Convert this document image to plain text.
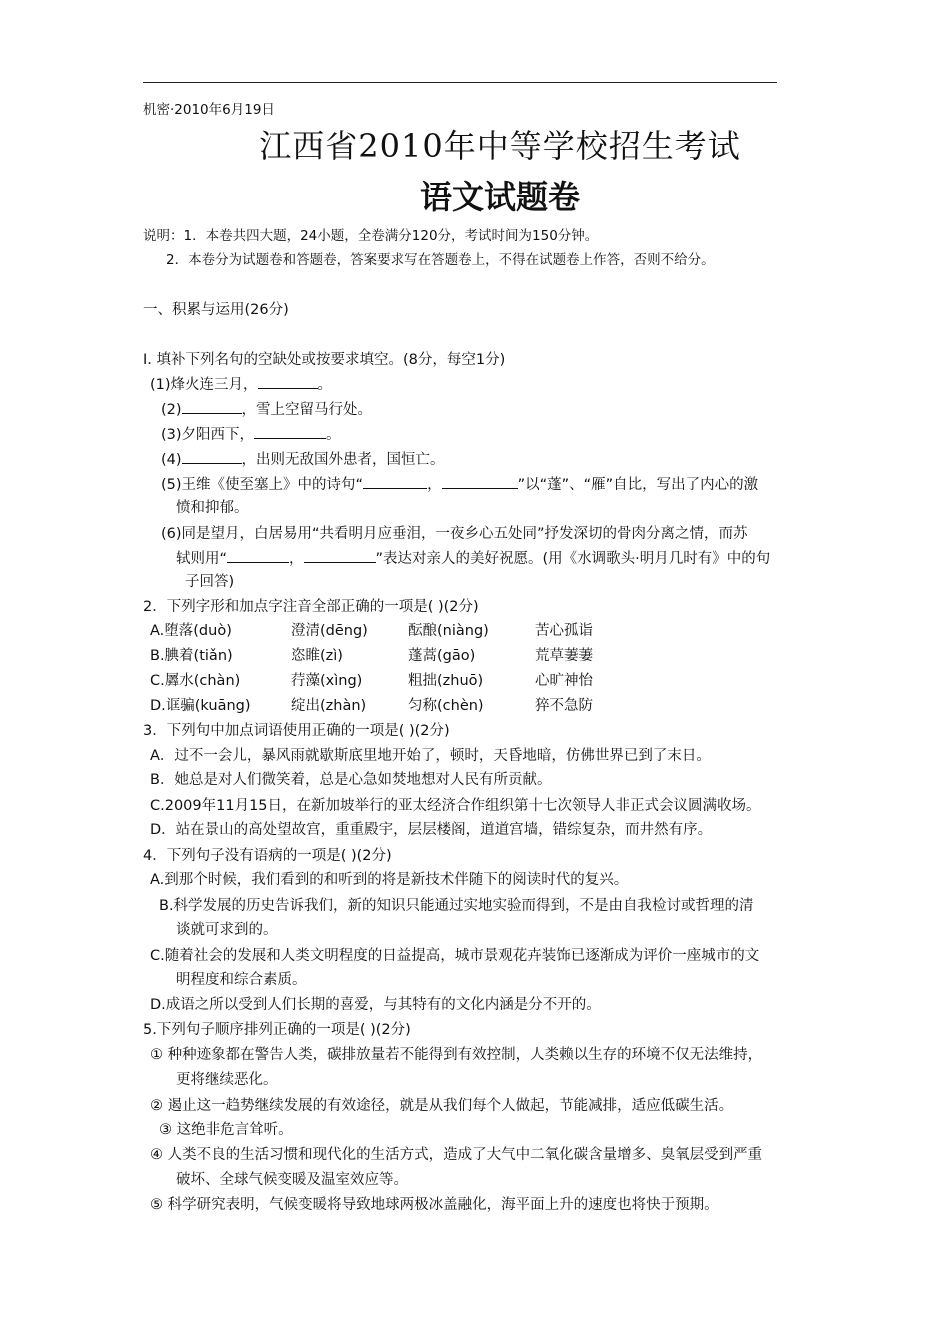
机密·2010年6月19日
江西省2010年中等学校招生考试
语文试题卷
说明：1．本卷共四大题，24小题，全卷满分120分，考试时间为150分钟。
2．本卷分为试题卷和答题卷，答案要求写在答题卷上，不得在试题卷上作答，否则不给分。
一、积累与运用(26分)
I. 填补下列名句的空缺处或按要求填空。(8分，每空1分)
(1)烽火连三月，	。
(2)	，雪上空留马行处。
(3)夕阳西下，	。
(4)	，出则无敌国外患者，国恒亡。
(5)王维《使至塞上》中的诗句“	，	”以“蓬”、“雁”自比，写出了内心的激
愤和抑郁。
(6)同是望月，白居易用“共看明月应垂泪，一夜乡心五处同”抒发深切的骨肉分离之情，而苏
轼则用“	，	”表达对亲人的美好祝愿。(用《水调歌头·明月几时有》中的句
子回答)
2．下列字形和加点字注音全部正确的一项是( )(2分)
A.堕落(duò)	澄清(dēng)	酝酿(niàng)	苦心孤诣
B.腆着(tiǎn)	恣睢(zì)	蓬蒿(gāo)	荒草萋萋
C.羼水(chàn)	荇藻(xìng)	粗拙(zhuō)	心旷神怡
D.诓骗(kuāng)	绽出(zhàn)	匀称(chèn)	猝不急防
3．下列句中加点词语使用正确的一项是( )(2分)
A．过不一会儿，暴风雨就歇斯底里地开始了，顿时，天昏地暗，仿佛世界已到了末日。
B．她总是对人们微笑着，总是心急如焚地想对人民有所贡献。
C.2009年11月15日，在新加坡举行的亚太经济合作组织第十七次领导人非正式会议圆满收场。
D．站在景山的高处望故宫，重重殿宇，层层楼阁，道道宫墙，错综复杂，而井然有序。
4．下列句子没有语病的一项是( )(2分)
A.到那个时候，我们看到的和听到的将是新技术伴随下的阅读时代的复兴。
B.科学发展的历史告诉我们，新的知识只能通过实地实验而得到，不是由自我检讨或哲理的清
谈就可求到的。
C.随着社会的发展和人类文明程度的日益提高，城市景观花卉装饰已逐渐成为评价一座城市的文
明程度和综合素质。
D.成语之所以受到人们长期的喜爱，与其特有的文化内涵是分不开的。
5.下列句子顺序排列正确的一项是( )(2分)
① 种种迹象都在警告人类，碳排放量若不能得到有效控制，人类赖以生存的环境不仅无法维持，
更将继续恶化。
② 遏止这一趋势继续发展的有效途径，就是从我们每个人做起，节能减排，适应低碳生活。
③ 这绝非危言耸听。
④ 人类不良的生活习惯和现代化的生活方式，造成了大气中二氧化碳含量增多、臭氧层受到严重
破坏、全球气候变暖及温室效应等。
⑤ 科学研究表明，气候变暖将导致地球两极冰盖融化，海平面上升的速度也将快于预期。
